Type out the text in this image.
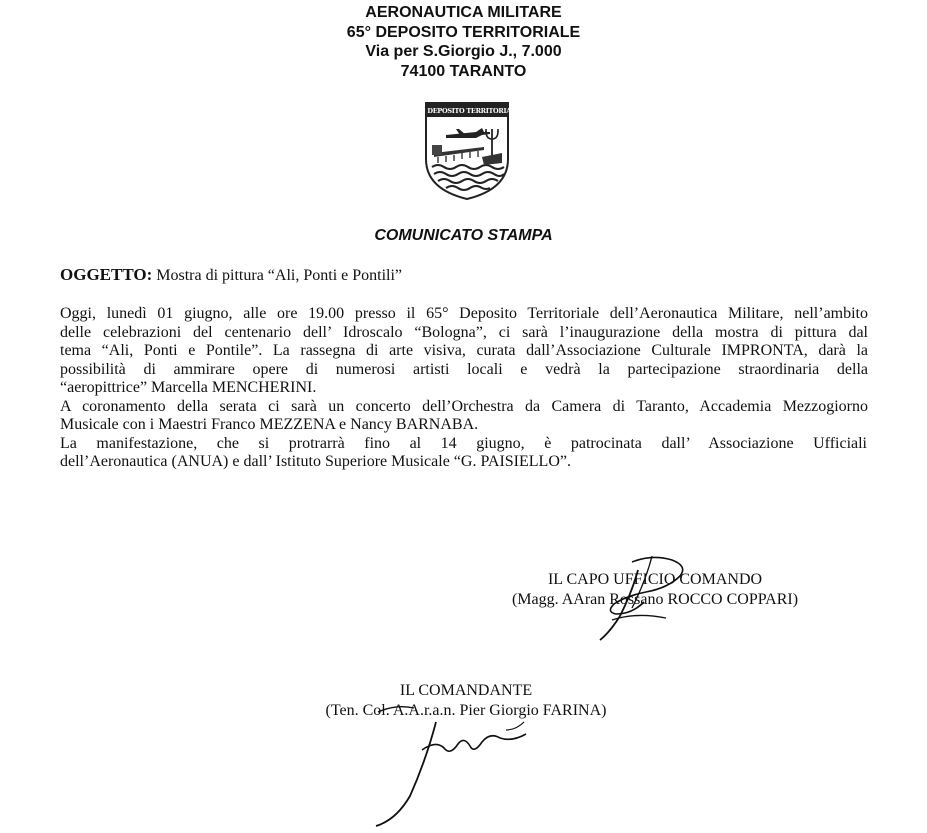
AERONAUTICA MILITARE
65° DEPOSITO TERRITORIALE
Via per S.Giorgio J., 7.000
74100 TARANTO
65° DEPOSITO TERRITORIALE
COMUNICATO STAMPA
OGGETTO: Mostra di pittura “Ali, Ponti e Pontili”
Oggi, lunedì 01 giugno, alle ore 19.00 presso il 65° Deposito Territoriale dell’Aeronautica Militare, nell’ambito
delle celebrazioni del centenario dell’ Idroscalo “Bologna”, ci sarà l’inaugurazione della mostra di pittura dal
tema “Ali, Ponti e Pontile”. La rassegna di arte visiva, curata dall’Associazione Culturale IMPRONTA, darà la
possibilità di ammirare opere di numerosi artisti locali e vedrà la partecipazione straordinaria della
“aeropittrice” Marcella MENCHERINI.
A coronamento della serata ci sarà un concerto dell’Orchestra da Camera di Taranto, Accademia Mezzogiorno
Musicale con i Maestri Franco MEZZENA e Nancy BARNABA.
La manifestazione, che si protrarrà fino al 14 giugno, è patrocinata dall’ Associazione Ufficiali
dell’Aeronautica (ANUA) e dall’ Istituto Superiore Musicale “G. PAISIELLO”.
IL CAPO UFFICIO COMANDO
(Magg. AAran Rossano ROCCO COPPARI)
IL COMANDANTE
(Ten. Col. A.A.r.a.n. Pier Giorgio FARINA)
